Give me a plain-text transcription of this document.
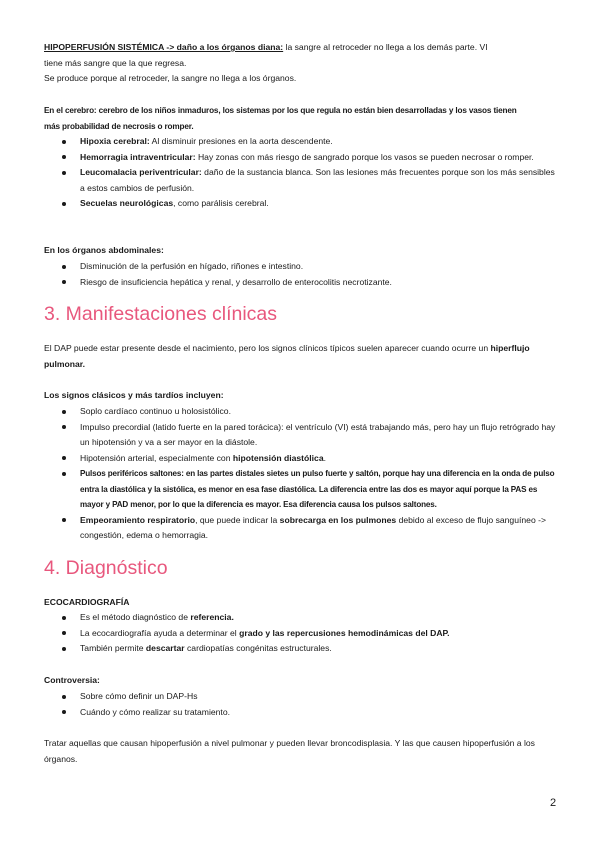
HIPOPERFUSIÓN SISTÉMICA -> daño a los órganos diana: la sangre al retroceder no llega a los demás parte. VI

tiene más sangre que la que regresa.

Se produce porque al retroceder, la sangre no llega a los órganos.

En el cerebro: cerebro de los niños inmaduros, los sistemas por los que regula no están bien desarrolladas y los vasos tienen

más probabilidad de necrosis o romper.

Hipoxia cerebral: Al disminuir presiones en la aorta descendente.
Hemorragia intraventricular: Hay zonas con más riesgo de sangrado porque los vasos se pueden necrosar o romper.
Leucomalacia periventricular: daño de la sustancia blanca. Son las lesiones más frecuentes porque son los más sensibles a estos cambios de perfusión.
Secuelas neurológicas, como parálisis cerebral.

En los órganos abdominales:

Disminución de la perfusión en hígado, riñones e intestino.
Riesgo de insuficiencia hepática y renal, y desarrollo de enterocolitis necrotizante.
3. Manifestaciones clínicas

El DAP puede estar presente desde el nacimiento, pero los signos clínicos típicos suelen aparecer cuando ocurre un hiperflujo pulmonar.

Los signos clásicos y más tardíos incluyen:

Soplo cardíaco continuo u holosistólico.
Impulso precordial (latido fuerte en la pared torácica): el ventrículo (VI) está trabajando más, pero hay un flujo retrógrado hay un hipotensión y va a ser mayor en la diástole.
Hipotensión arterial, especialmente con hipotensión diastólica.
Pulsos periféricos saltones: en las partes distales sietes un pulso fuerte y saltón, porque hay una diferencia en la onda de pulso entra la diastólica y la sistólica, es menor en esa fase diastólica. La diferencia entre las dos es mayor aquí porque la PAS es mayor y PAD menor, por lo que la diferencia es mayor. Esa diferencia causa los pulsos saltones.
Empeoramiento respiratorio, que puede indicar la sobrecarga en los pulmones debido al exceso de flujo sanguíneo -> congestión, edema o hemorragia.
4. Diagnóstico

ECOCARDIOGRAFÍA

Es el método diagnóstico de referencia.
La ecocardiografía ayuda a determinar el grado y las repercusiones hemodinámicas del DAP.
También permite descartar cardiopatías congénitas estructurales.

Controversia:

Sobre cómo definir un DAP-Hs
Cuándo y cómo realizar su tratamiento.

Tratar aquellas que causan hipoperfusión a nivel pulmonar y pueden llevar broncodisplasia. Y las que causen hipoperfusión a los órganos.

2
